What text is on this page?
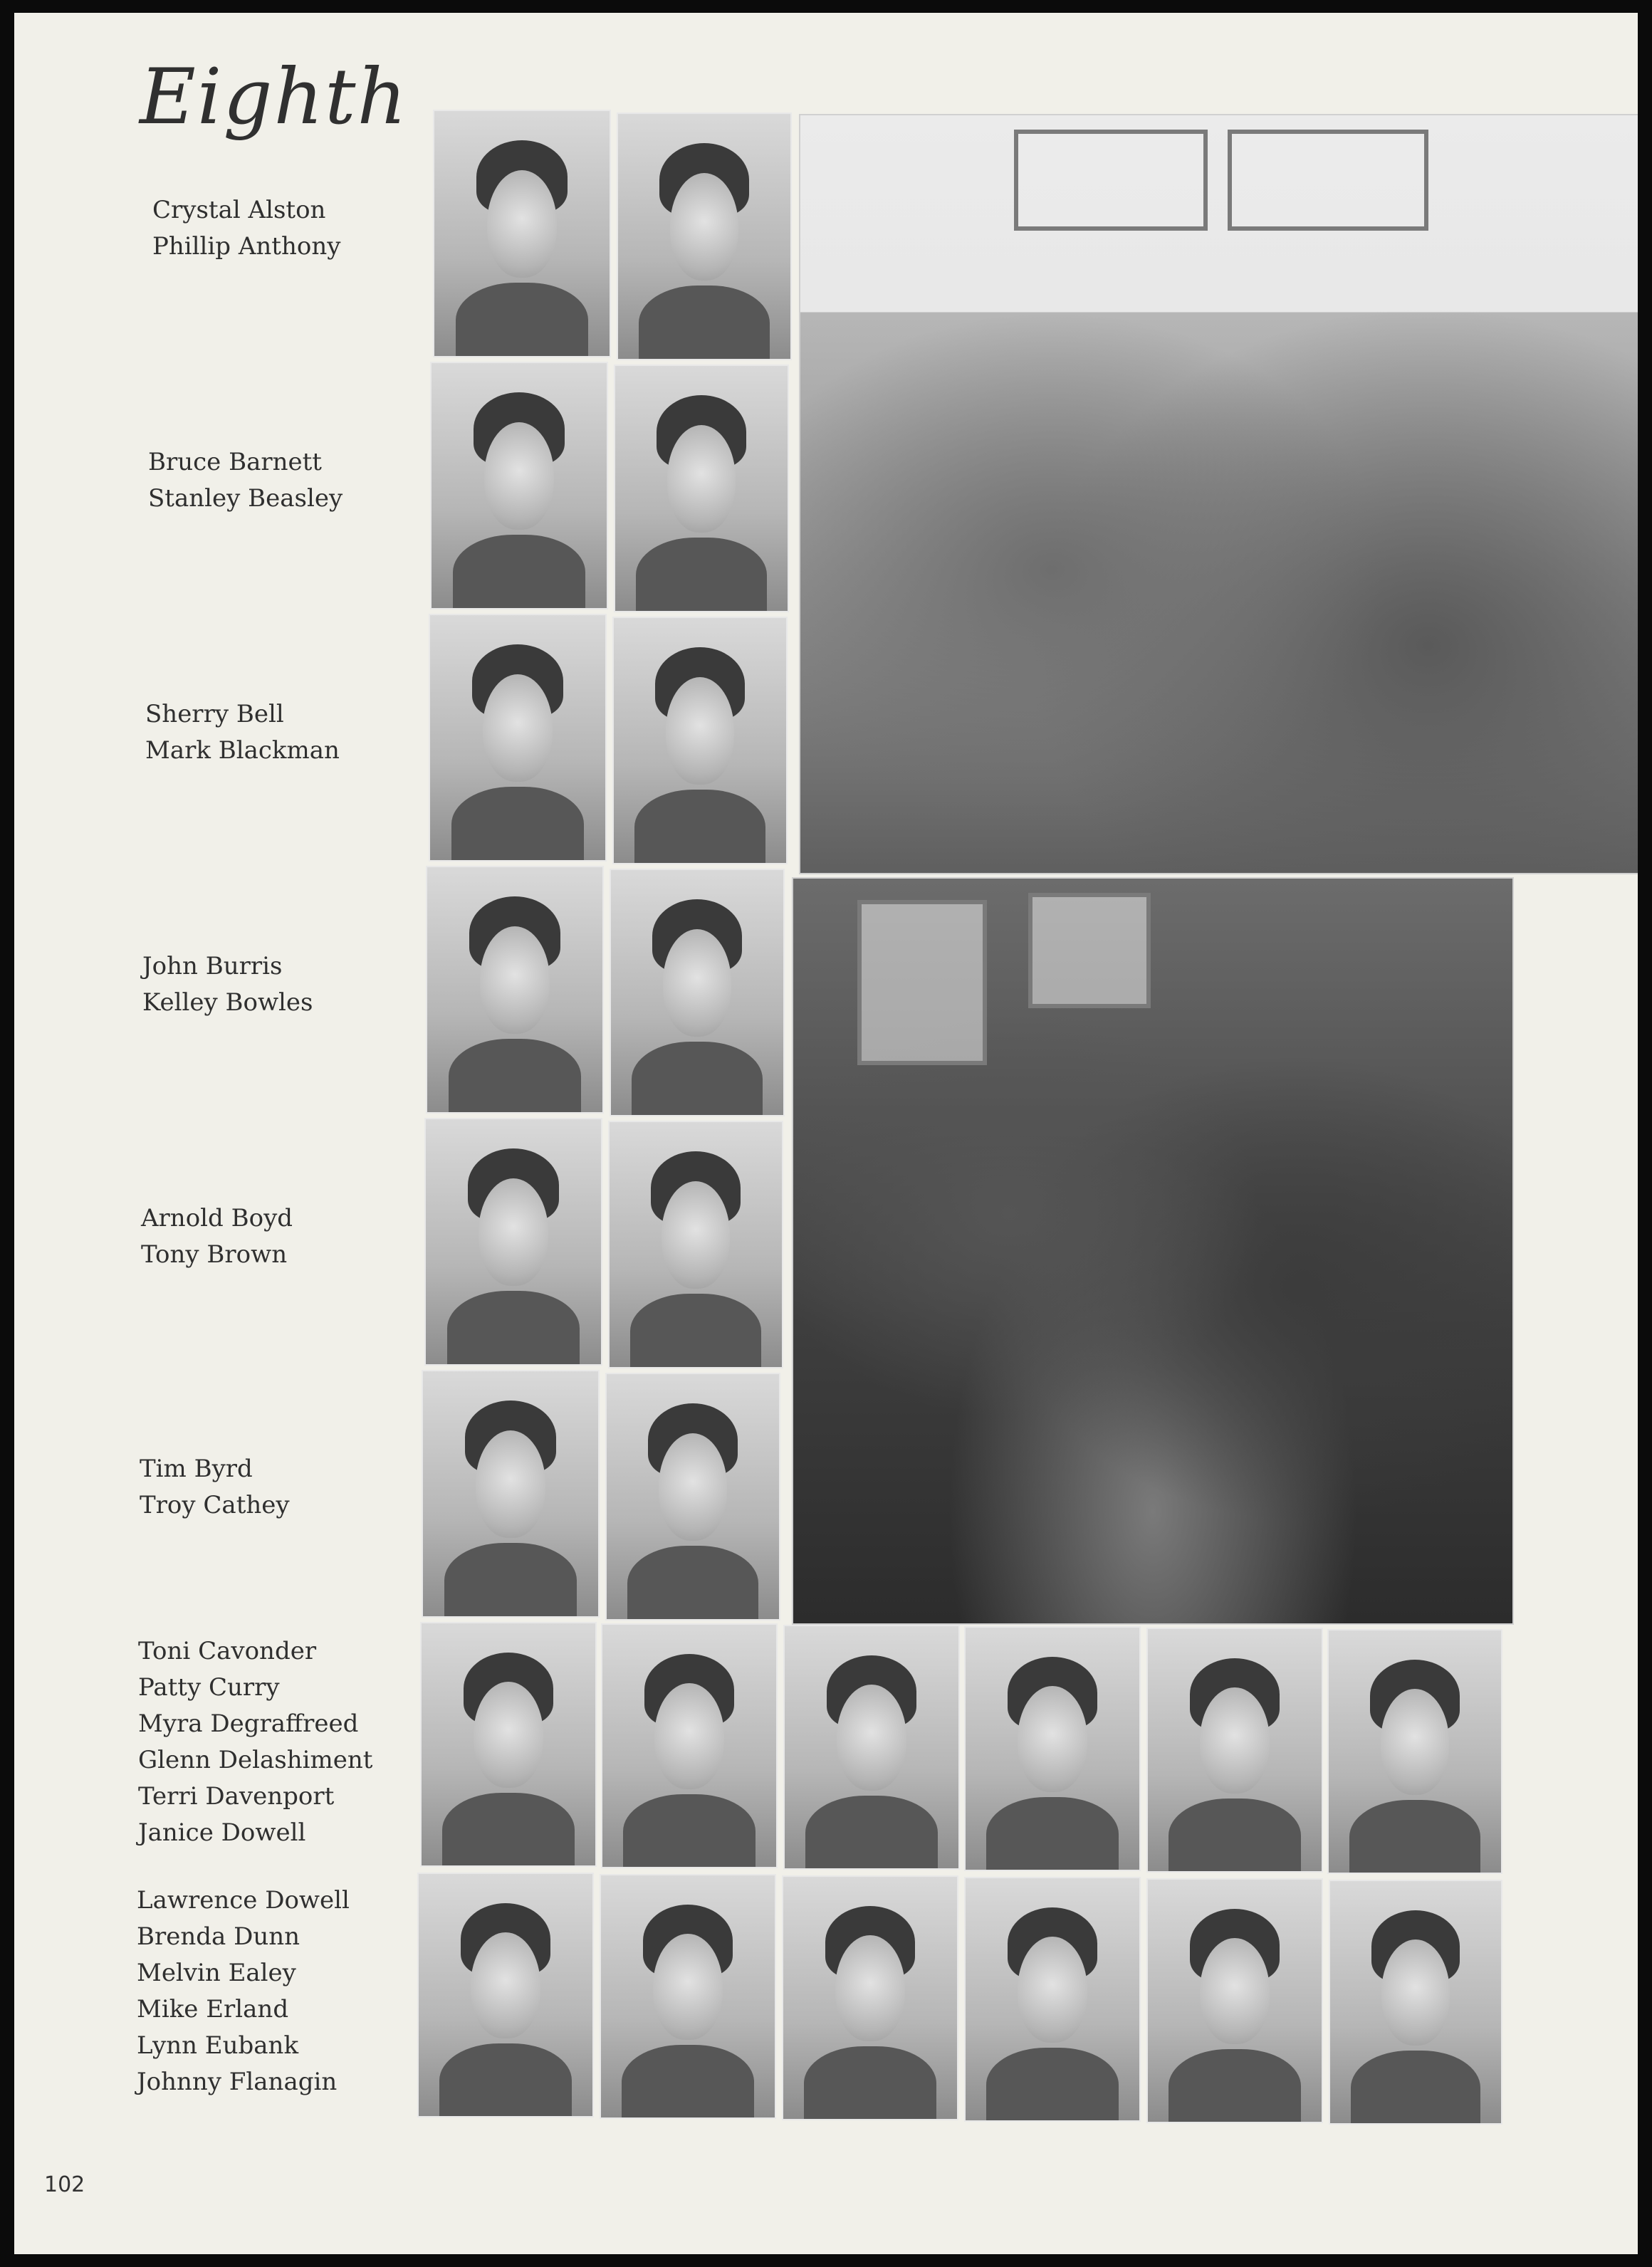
Eighth
Crystal Alston
Phillip Anthony
Bruce Barnett
Stanley Beasley
Sherry Bell
Mark Blackman
John Burris
Kelley Bowles
Arnold Boyd
Tony Brown
Tim Byrd
Troy Cathey
Toni Cavonder
Patty Curry
Myra Degraffreed
Glenn Delashiment
Terri Davenport
Janice Dowell
Lawrence Dowell
Brenda Dunn
Melvin Ealey
Mike Erland
Lynn Eubank
Johnny Flanagin
102
